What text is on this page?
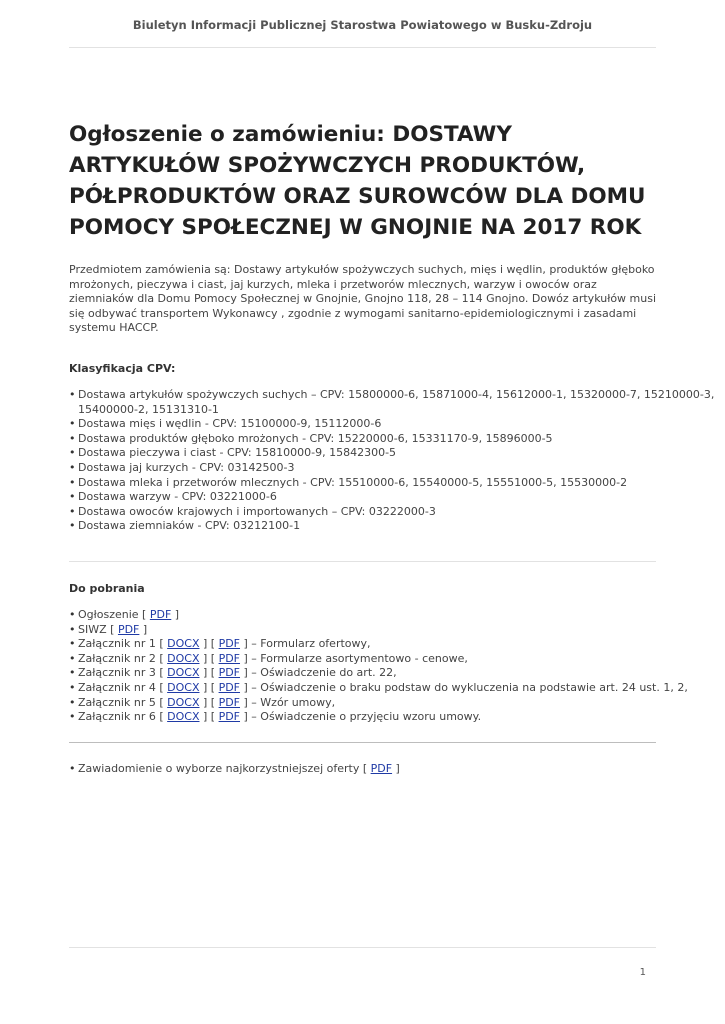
Biuletyn Informacji Publicznej Starostwa Powiatowego w Busku-Zdroju
Ogłoszenie o zamówieniu: DOSTAWY ARTYKUŁÓW SPOŻYWCZYCH PRODUKTÓW, PÓŁPRODUKTÓW ORAZ SUROWCÓW DLA DOMU POMOCY SPOŁECZNEJ W GNOJNIE NA 2017 ROK

Przedmiotem zamówienia są: Dostawy artykułów spożywczych suchych, mięs i wędlin, produktów głęboko mrożonych, pieczywa i ciast, jaj kurzych, mleka i przetworów mlecznych, warzyw i owoców oraz ziemniaków dla Domu Pomocy Społecznej w Gnojnie, Gnojno 118, 28 – 114 Gnojno. Dowóz artykułów musi się odbywać transportem Wykonawcy , zgodnie z wymogami sanitarno-epidemiologicznymi i zasadami systemu HACCP.

Klasyfikacja CPV:
• Dostawa artykułów spożywczych suchych – CPV: 15800000-6, 15871000-4, 15612000-1, 15320000-7, 15210000-3, 15400000-2, 15131310-1
• Dostawa mięs i wędlin - CPV: 15100000-9, 15112000-6
• Dostawa produktów głęboko mrożonych - CPV: 15220000-6, 15331170-9, 15896000-5
• Dostawa pieczywa i ciast - CPV: 15810000-9, 15842300-5
• Dostawa jaj kurzych - CPV: 03142500-3
• Dostawa mleka i przetworów mlecznych - CPV: 15510000-6, 15540000-5, 15551000-5, 15530000-2
• Dostawa warzyw - CPV: 03221000-6
• Dostawa owoców krajowych i importowanych – CPV: 03222000-3
• Dostawa ziemniaków - CPV: 03212100-1
Do pobrania
• Ogłoszenie [ PDF ]
• SIWZ [ PDF ]
• Załącznik nr 1 [ DOCX ] [ PDF ] – Formularz ofertowy,
• Załącznik nr 2 [ DOCX ] [ PDF ] – Formularze asortymentowo - cenowe,
• Załącznik nr 3 [ DOCX ] [ PDF ] – Oświadczenie do art. 22,
• Załącznik nr 4 [ DOCX ] [ PDF ] – Oświadczenie o braku podstaw do wykluczenia na podstawie art. 24 ust. 1, 2,
• Załącznik nr 5 [ DOCX ] [ PDF ] – Wzór umowy,
• Załącznik nr 6 [ DOCX ] [ PDF ] – Oświadczenie o przyjęciu wzoru umowy.
• Zawiadomienie o wyborze najkorzystniejszej oferty [ PDF ]
1
